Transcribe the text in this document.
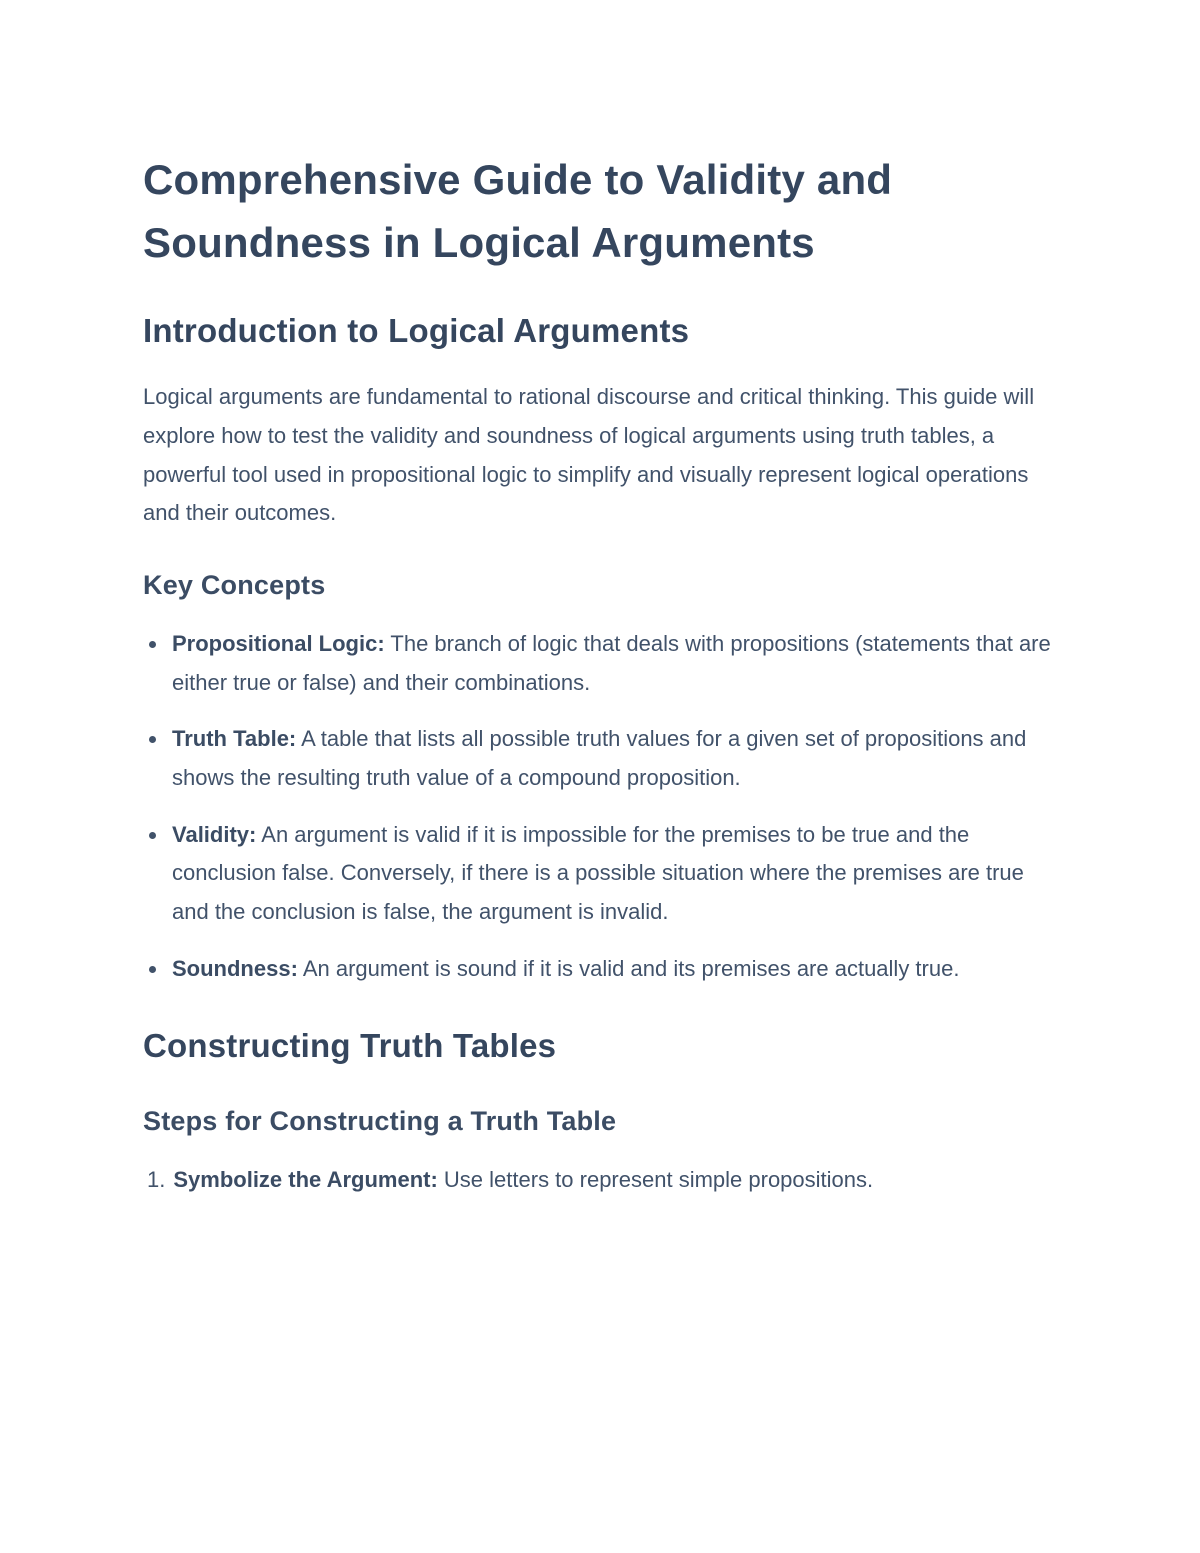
Comprehensive Guide to Validity and Soundness in Logical Arguments
Introduction to Logical Arguments

Logical arguments are fundamental to rational discourse and critical thinking. This guide will explore how to test the validity and soundness of logical arguments using truth tables, a powerful tool used in propositional logic to simplify and visually represent logical operations and their outcomes.

Key Concepts
Propositional Logic: The branch of logic that deals with propositions (statements that are either true or false) and their combinations.
Truth Table: A table that lists all possible truth values for a given set of propositions and shows the resulting truth value of a compound proposition.
Validity: An argument is valid if it is impossible for the premises to be true and the conclusion false. Conversely, if there is a possible situation where the premises are true and the conclusion is false, the argument is invalid.
Soundness: An argument is sound if it is valid and its premises are actually true.
Constructing Truth Tables
Steps for Constructing a Truth Table
1. Symbolize the Argument: Use letters to represent simple propositions.
